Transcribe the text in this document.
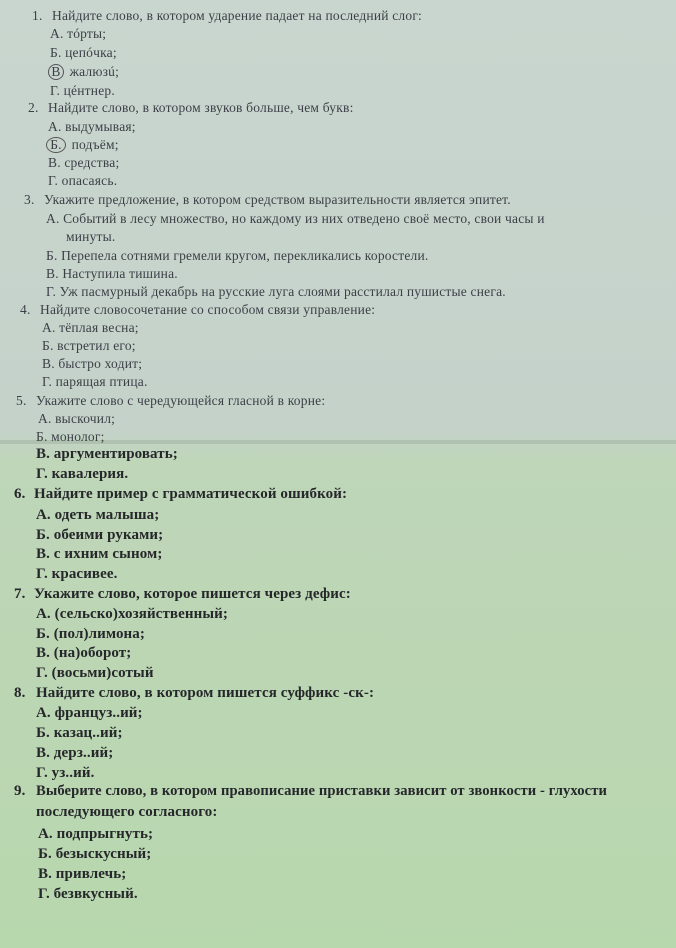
1. Найдите слово, в котором ударение падает на последний слог:
А. тóрты;
Б. цепóчка;
В жалюзú;
Г. цéнтнер.
2. Найдите слово, в котором звуков больше, чем букв:
А. выдумывая;
Б. подъём;
В. средства;
Г. опасаясь.
3. Укажите предложение, в котором средством выразительности является эпитет.
А. Событий в лесу множество, но каждому из них отведено своё место, свои часы и
минуты.
Б. Перепела сотнями гремели кругом, перекликались коростели.
В. Наступила тишина.
Г. Уж пасмурный декабрь на русские луга слоями расстилал пушистые снега.
4. Найдите словосочетание со способом связи управление:
А. тёплая весна;
Б. встретил его;
В. быстро ходит;
Г. парящая птица.
5. Укажите слово с чередующейся гласной в корне:
А. выскочил;
Б. монолог;
В. аргументировать;
Г. кавалерия.
6. Найдите пример с грамматической ошибкой:
А. одеть малыша;
Б. обеими руками;
В. с ихним сыном;
Г. красивее.
7. Укажите слово, которое пишется через дефис:
А. (сельско)хозяйственный;
Б. (пол)лимона;
В. (на)оборот;
Г. (восьми)сотый
8. Найдите слово, в котором пишется суффикс -ск-:
А. француз..ий;
Б. казац..ий;
В. дерз..ий;
Г. уз..ий.
9. Выберите слово, в котором правописание приставки зависит от звонкости - глухости
последующего согласного:
А. подпрыгнуть;
Б. безыскусный;
В. привлечь;
Г. безвкусный.
